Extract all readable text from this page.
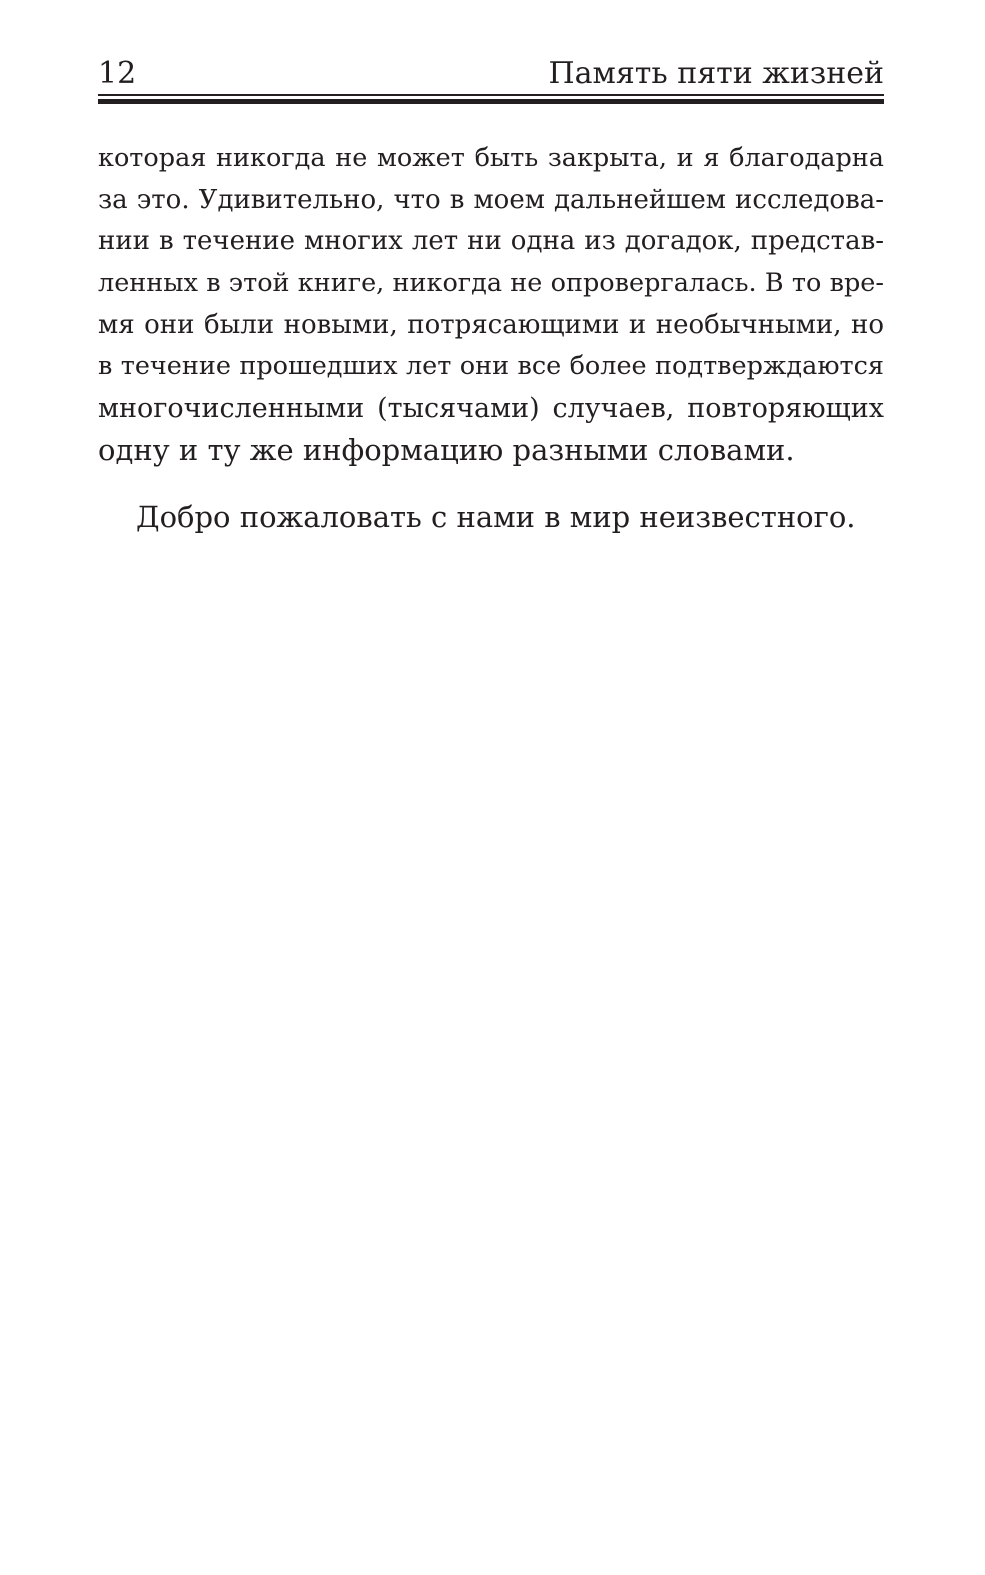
12	Память пяти жизней
которая никогда не может быть закрыта, и я благодарна
за это. Удивительно, что в моем дальнейшем исследова-
нии в течение многих лет ни одна из догадок, представ-
ленных в этой книге, никогда не опровергалась. В то вре-
мя они были новыми, потрясающими и необычными, но
в течение прошедших лет они все более подтверждаются
многочисленными (тысячами) случаев, повторяющих
одну и ту же информацию разными словами.
Добро пожаловать с нами в мир неизвестного.
